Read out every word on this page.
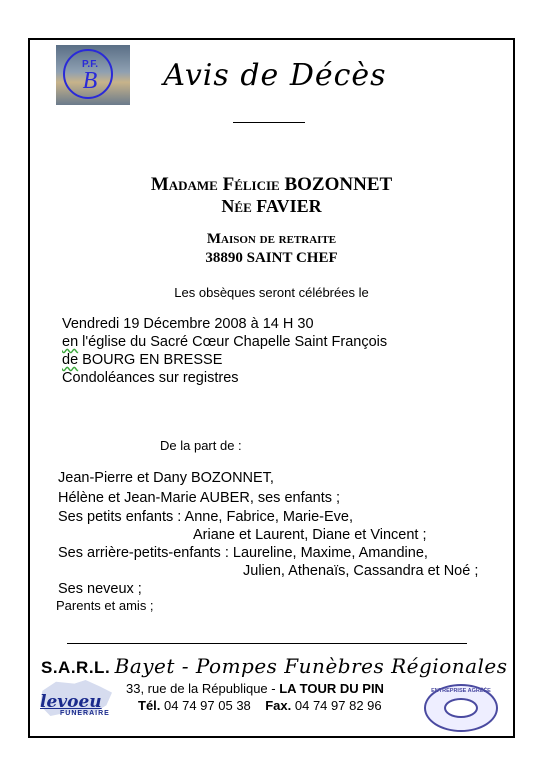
P.F.
B	Avis de Décès
Madame Félicie BOZONNET
Née FAVIER
Maison de retraite
38890 SAINT CHEF
Les obsèques seront célébrées le
Vendredi 19 Décembre 2008 à 14 H 30
en l'église du Sacré Cœur Chapelle Saint François
de BOURG EN BRESSE
Condoléances sur registres
De la part de :
Jean-Pierre et Dany BOZONNET,
Hélène et Jean-Marie AUBER, ses enfants ;
Ses petits enfants : Anne, Fabrice, Marie-Eve,
Ariane et Laurent, Diane et Vincent ;
Ses arrière-petits-enfants : Laureline, Maxime, Amandine,
Julien, Athenaïs, Cassandra et Noé ;
Ses neveux ;
Parents et amis ;
S.A.R.L. Bayet - Pompes Funèbres Régionales
levoeu
FUNERAIRE
33, rue de la République - LA TOUR DU PIN
Tél. 04 74 97 05 38 Fax. 04 74 97 82 96
ENTREPRISE AGRÉÉE
